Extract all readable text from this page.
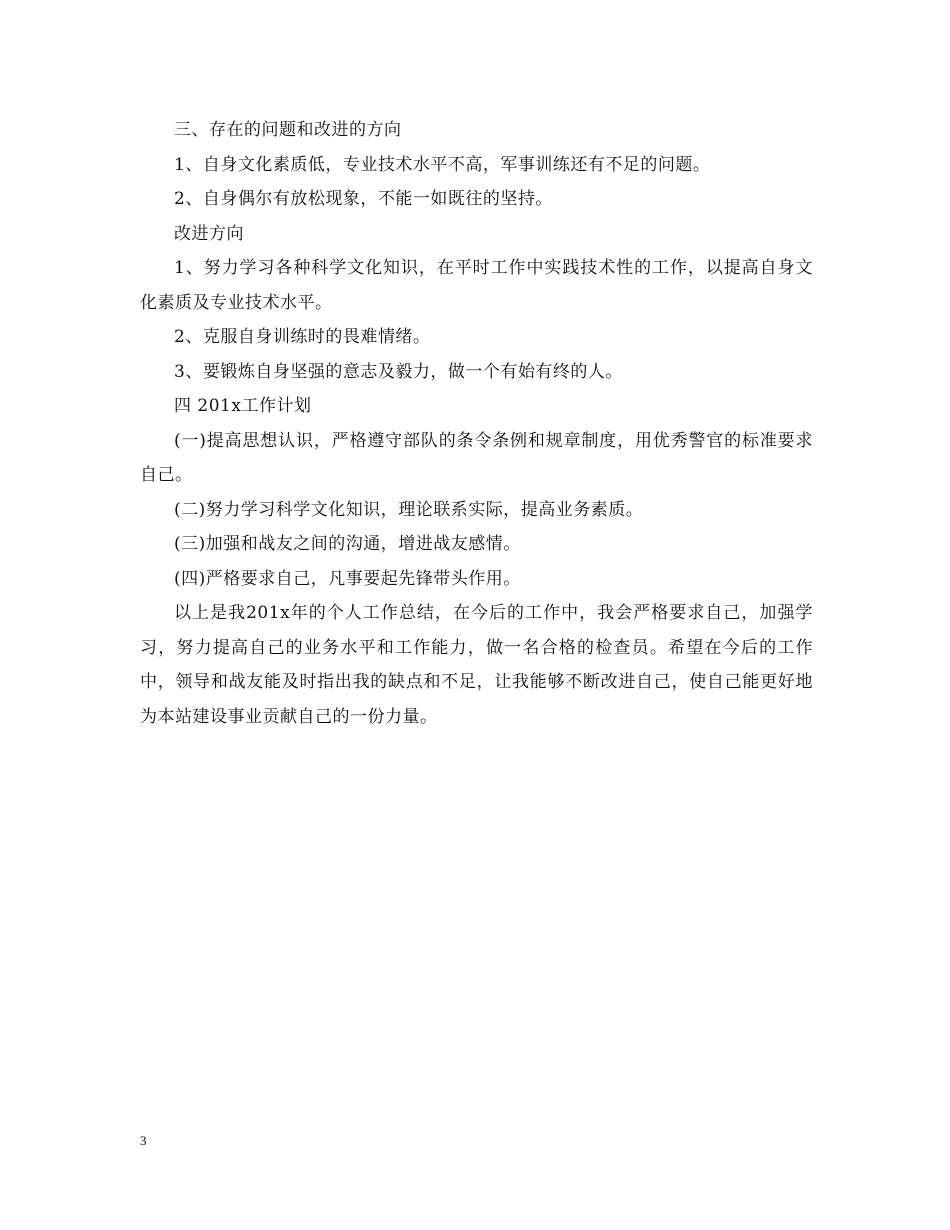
三、存在的问题和改进的方向

1、自身文化素质低，专业技术水平不高，军事训练还有不足的问题。

2、自身偶尔有放松现象，不能一如既往的坚持。

改进方向

1、努力学习各种科学文化知识，在平时工作中实践技术性的工作，以提高自身文化素质及专业技术水平。

2、克服自身训练时的畏难情绪。

3、要锻炼自身坚强的意志及毅力，做一个有始有终的人。

四 201x工作计划

(一)提高思想认识，严格遵守部队的条令条例和规章制度，用优秀警官的标准要求自己。

(二)努力学习科学文化知识，理论联系实际，提高业务素质。

(三)加强和战友之间的沟通，增进战友感情。

(四)严格要求自己，凡事要起先锋带头作用。

以上是我201x年的个人工作总结，在今后的工作中，我会严格要求自己，加强学习，努力提高自己的业务水平和工作能力，做一名合格的检查员。希望在今后的工作中，领导和战友能及时指出我的缺点和不足，让我能够不断改进自己，使自己能更好地为本站建设事业贡献自己的一份力量。

3
